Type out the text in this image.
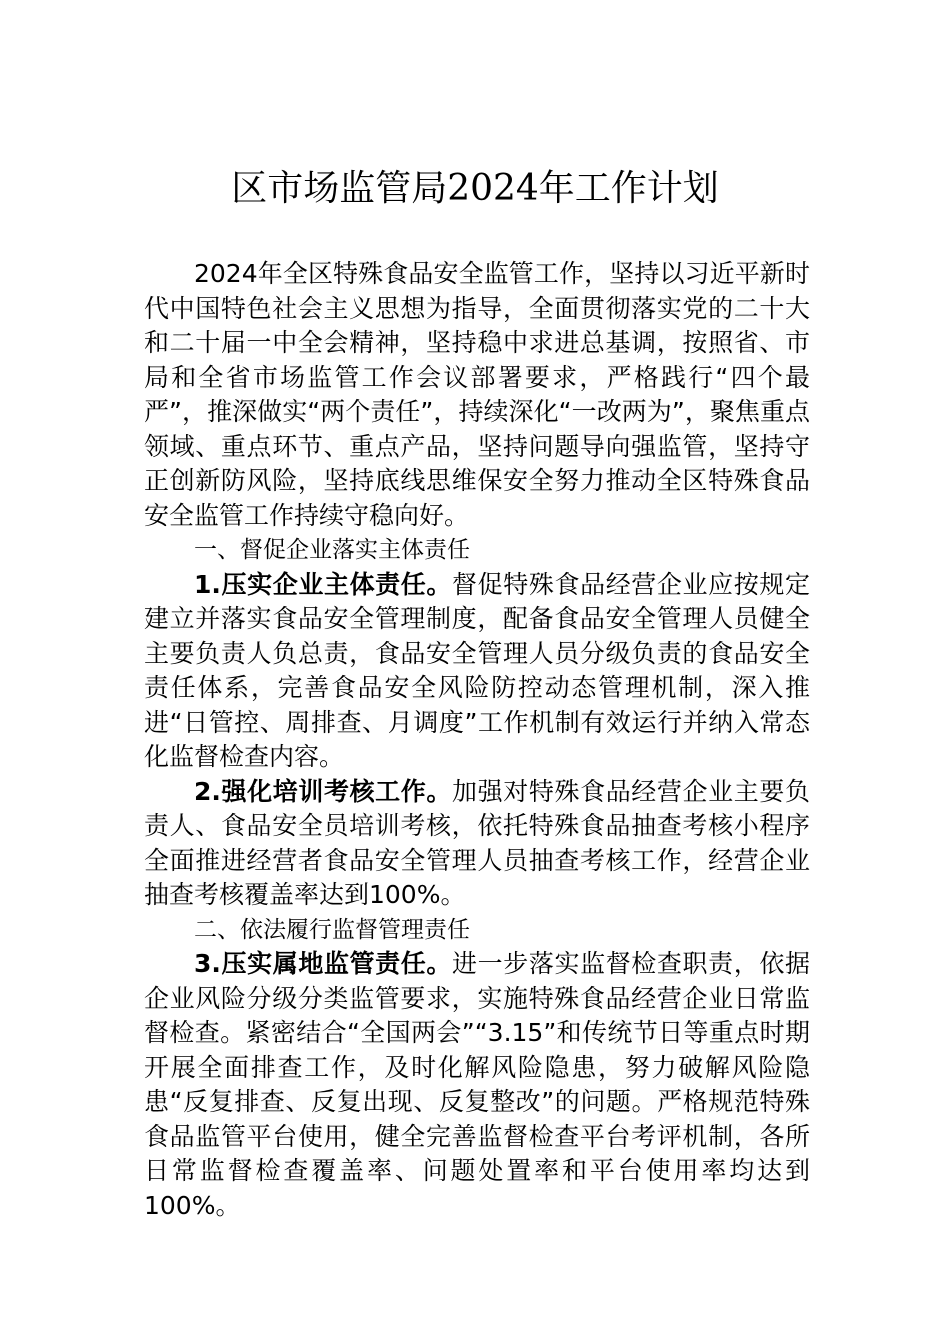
区市场监管局2024年工作计划

2024年全区特殊食品安全监管工作，坚持以习近平新时代中国特色社会主义思想为指导，全面贯彻落实党的二十大和二十届一中全会精神，坚持稳中求进总基调，按照省、市局和全省市场监管工作会议部署要求，严格践行“四个最严”，推深做实“两个责任”，持续深化“一改两为”，聚焦重点领域、重点环节、重点产品，坚持问题导向强监管，坚持守正创新防风险，坚持底线思维保安全努力推动全区特殊食品安全监管工作持续守稳向好。

一、督促企业落实主体责任

1.压实企业主体责任。督促特殊食品经营企业应按规定建立并落实食品安全管理制度，配备食品安全管理人员健全主要负责人负总责，食品安全管理人员分级负责的食品安全责任体系，完善食品安全风险防控动态管理机制，深入推进“日管控、周排查、月调度”工作机制有效运行并纳入常态化监督检查内容。

2.强化培训考核工作。加强对特殊食品经营企业主要负责人、食品安全员培训考核，依托特殊食品抽查考核小程序全面推进经营者食品安全管理人员抽查考核工作，经营企业抽查考核覆盖率达到100%。

二、依法履行监督管理责任

3.压实属地监管责任。进一步落实监督检查职责，依据企业风险分级分类监管要求，实施特殊食品经营企业日常监督检查。紧密结合“全国两会”“3.15”和传统节日等重点时期开展全面排查工作，及时化解风险隐患，努力破解风险隐患“反复排查、反复出现、反复整改”的问题。严格规范特殊食品监管平台使用，健全完善监督检查平台考评机制，各所日常监督检查覆盖率、问题处置率和平台使用率均达到100%。
